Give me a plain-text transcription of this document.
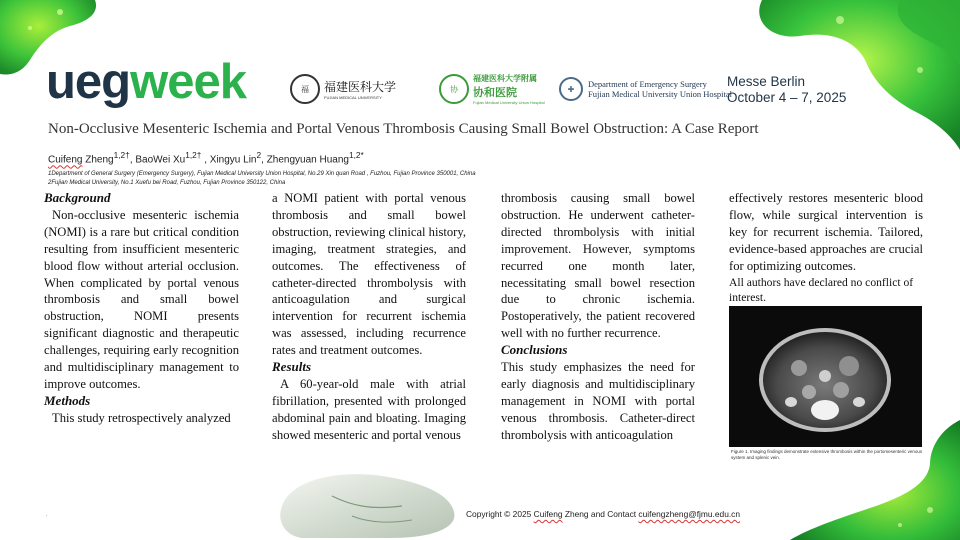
uegweek	福	福建医科大学
FUJIAN MEDICAL UNIVERSITY
协
福建医科大学附属
协和医院
Fujian Medical University Union Hospital
✚
Department of Emergency Surgery
Fujian Medical University Union Hospital
Messe Berlin
October 4 – 7, 2025
Non-Occlusive Mesenteric Ischemia and Portal Venous Thrombosis Causing Small Bowel Obstruction: A Case Report
Cuifeng Zheng$^{1,2\dagger}$, BaoWei $Xu^{1,2\dagger}$ , Xingyu Lin$^2$, Zhengyuan Huang$^{1,2*}$
1Department of General Surgery (Emergency Surgery), Fujian Medical University Union Hospital, No.29 Xin quan Road , Fuzhou, Fujian Province 350001, China
2Fujian Medical University, No.1 Xuefu bei Road, Fuzhou, Fujian Province 350122, China

Background

Non-occlusive mesenteric ischemia (NOMI) is a rare but critical condition resulting from insufficient mesenteric blood flow without arterial occlusion. When complicated by portal venous thrombosis and small bowel obstruction, NOMI presents significant diagnostic and therapeutic challenges, requiring early recognition and multidisciplinary management to improve outcomes.

Methods

This study retrospectively analyzed

a NOMI patient with portal venous thrombosis and small bowel obstruction, reviewing clinical history, imaging, treatment strategies, and outcomes. The effectiveness of catheter-directed thrombolysis with anticoagulation and surgical intervention for recurrent ischemia was assessed, including recurrence rates and treatment outcomes.

Results

A 60-year-old male with atrial fibrillation, presented with prolonged abdominal pain and bloating. Imaging showed mesenteric and portal venous

thrombosis causing small bowel obstruction. He underwent catheter-directed thrombolysis with initial improvement. However, symptoms recurred one month later, necessitating small bowel resection due to chronic ischemia. Postoperatively, the patient recovered well with no further recurrence.

Conclusions

This study emphasizes the need for early diagnosis and multidisciplinary management in NOMI with portal venous thrombosis. Catheter-direct thrombolysis with anticoagulation

effectively restores mesenteric blood flow, while surgical intervention is key for recurrent ischemia. Tailored, evidence-based approaches are crucial for optimizing outcomes.

All authors have declared no conflict of interest.

Figure 1. Imaging findings demonstrate extensive thrombosis within the portomesenteric venous system and splenic vein.
.	Copyright © 2025 Cuifeng Zheng and Contact cuifengzheng@fjmu.edu.cn
